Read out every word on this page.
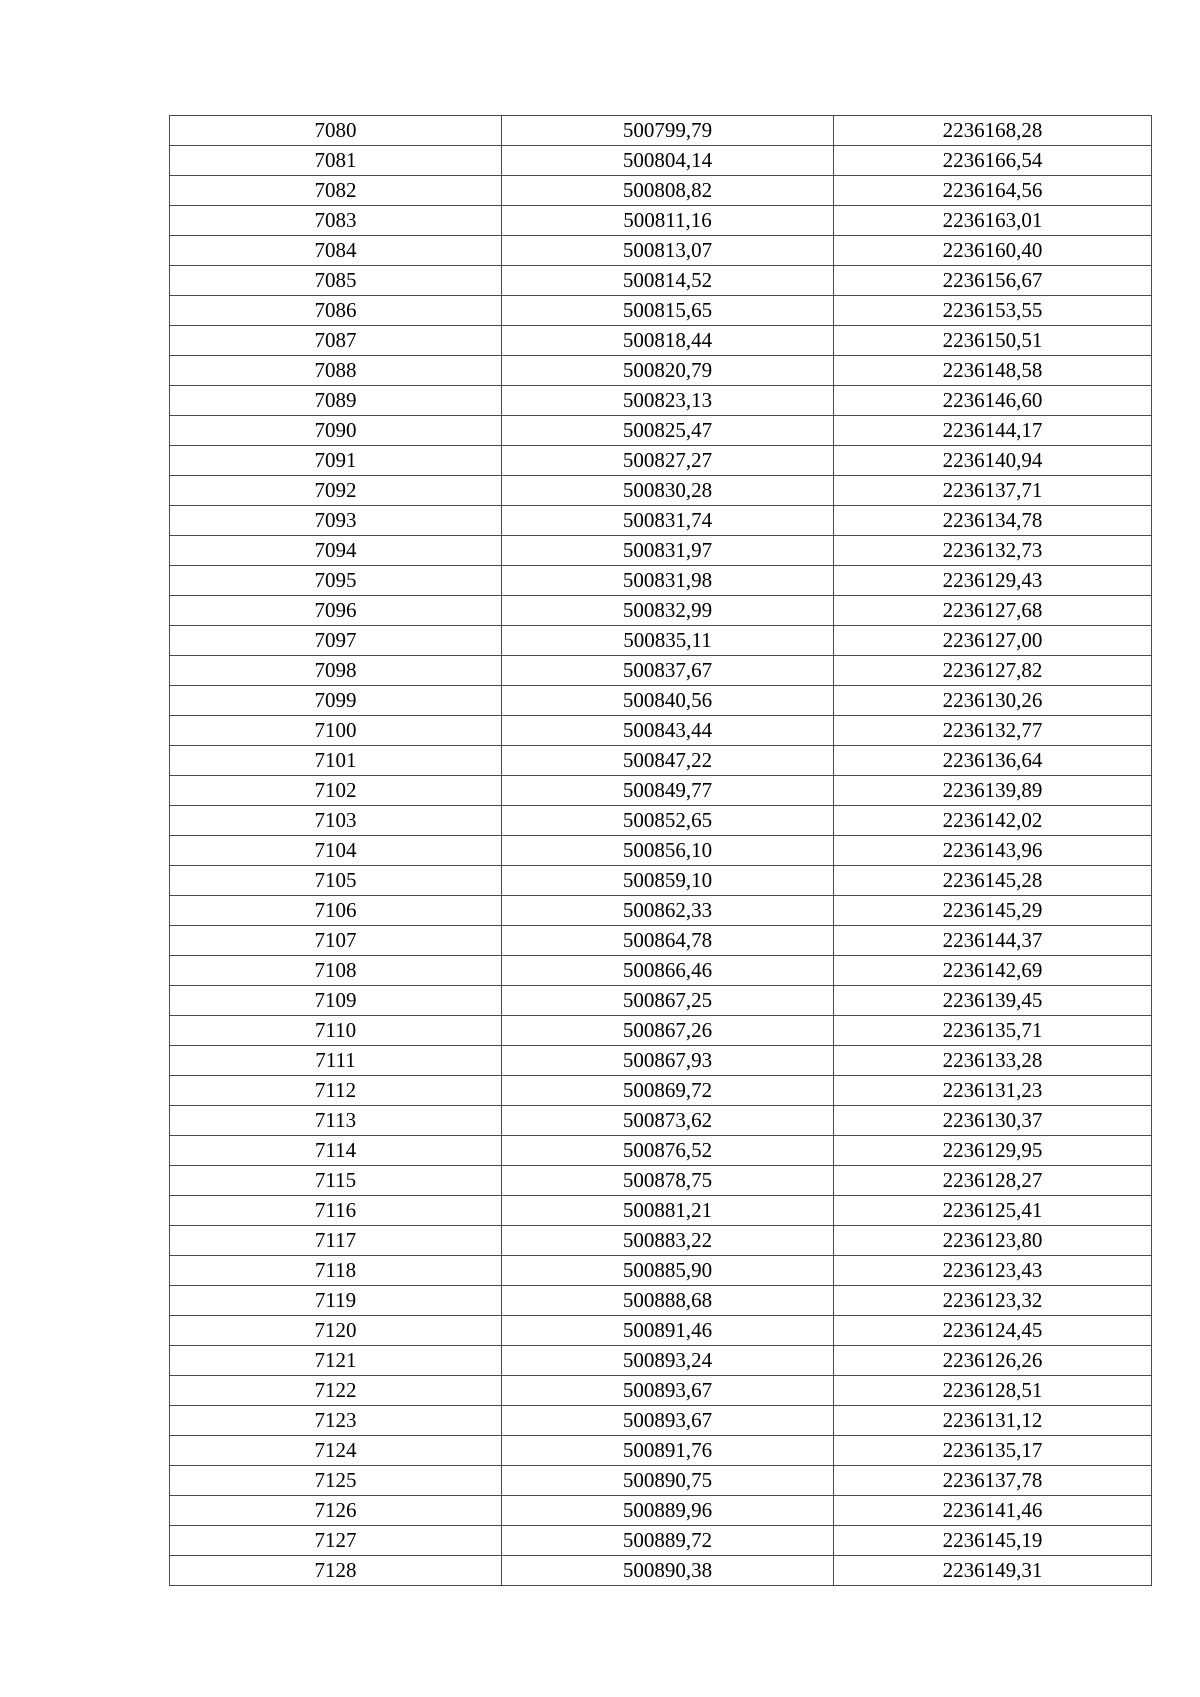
7080	500799,79	2236168,28
7081	500804,14	2236166,54
7082	500808,82	2236164,56
7083	500811,16	2236163,01
7084	500813,07	2236160,40
7085	500814,52	2236156,67
7086	500815,65	2236153,55
7087	500818,44	2236150,51
7088	500820,79	2236148,58
7089	500823,13	2236146,60
7090	500825,47	2236144,17
7091	500827,27	2236140,94
7092	500830,28	2236137,71
7093	500831,74	2236134,78
7094	500831,97	2236132,73
7095	500831,98	2236129,43
7096	500832,99	2236127,68
7097	500835,11	2236127,00
7098	500837,67	2236127,82
7099	500840,56	2236130,26
7100	500843,44	2236132,77
7101	500847,22	2236136,64
7102	500849,77	2236139,89
7103	500852,65	2236142,02
7104	500856,10	2236143,96
7105	500859,10	2236145,28
7106	500862,33	2236145,29
7107	500864,78	2236144,37
7108	500866,46	2236142,69
7109	500867,25	2236139,45
7110	500867,26	2236135,71
7111	500867,93	2236133,28
7112	500869,72	2236131,23
7113	500873,62	2236130,37
7114	500876,52	2236129,95
7115	500878,75	2236128,27
7116	500881,21	2236125,41
7117	500883,22	2236123,80
7118	500885,90	2236123,43
7119	500888,68	2236123,32
7120	500891,46	2236124,45
7121	500893,24	2236126,26
7122	500893,67	2236128,51
7123	500893,67	2236131,12
7124	500891,76	2236135,17
7125	500890,75	2236137,78
7126	500889,96	2236141,46
7127	500889,72	2236145,19
7128	500890,38	2236149,31
